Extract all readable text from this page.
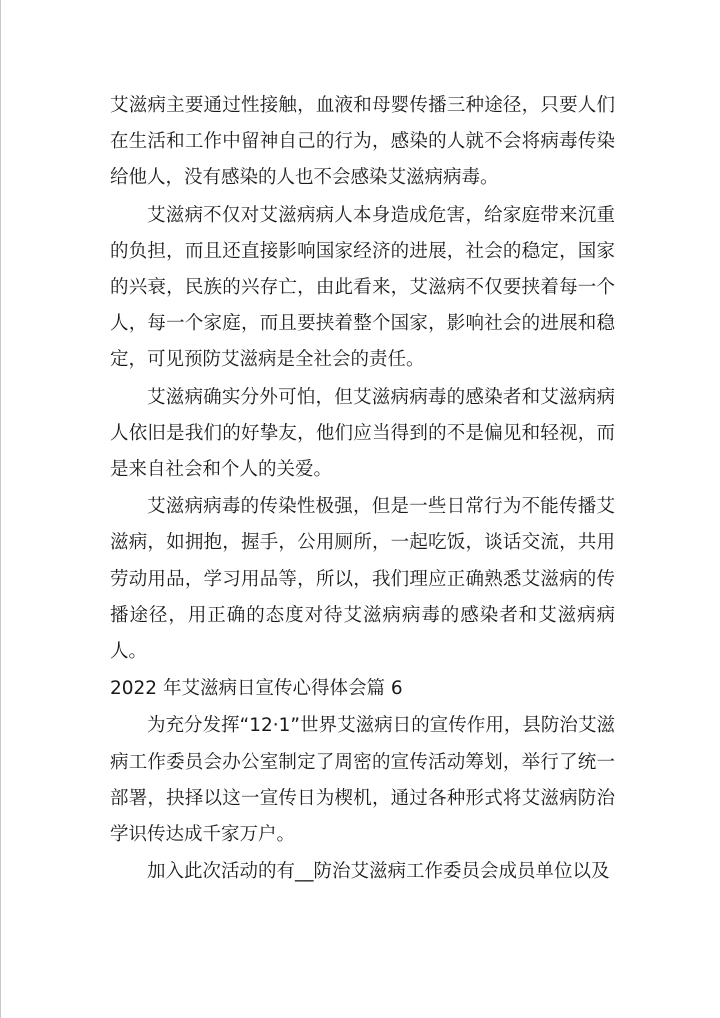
艾滋病主要通过性接触，血液和母婴传播三种途径，只要人们在生活和工作中留神自己的行为，感染的人就不会将病毒传染给他人，没有感染的人也不会感染艾滋病病毒。

艾滋病不仅对艾滋病病人本身造成危害，给家庭带来沉重的负担，而且还直接影响国家经济的进展，社会的稳定，国家的兴衰，民族的兴存亡，由此看来，艾滋病不仅要挟着每一个人，每一个家庭，而且要挟着整个国家，影响社会的进展和稳定，可见预防艾滋病是全社会的责任。

艾滋病确实分外可怕，但艾滋病病毒的感染者和艾滋病病人依旧是我们的好挚友，他们应当得到的不是偏见和轻视，而是来自社会和个人的关爱。

艾滋病病毒的传染性极强，但是一些日常行为不能传播艾滋病，如拥抱，握手，公用厕所，一起吃饭，谈话交流，共用劳动用品，学习用品等，所以，我们理应正确熟悉艾滋病的传播途径，用正确的态度对待艾滋病病毒的感染者和艾滋病病人。

2022 年艾滋病日宣传心得体会篇 6

为充分发挥“12·1”世界艾滋病日的宣传作用，县防治艾滋病工作委员会办公室制定了周密的宣传活动筹划，举行了统一部署，抉择以这一宣传日为楔机，通过各种形式将艾滋病防治学识传达成千家万户。

加入此次活动的有__防治艾滋病工作委员会成员单位以及
